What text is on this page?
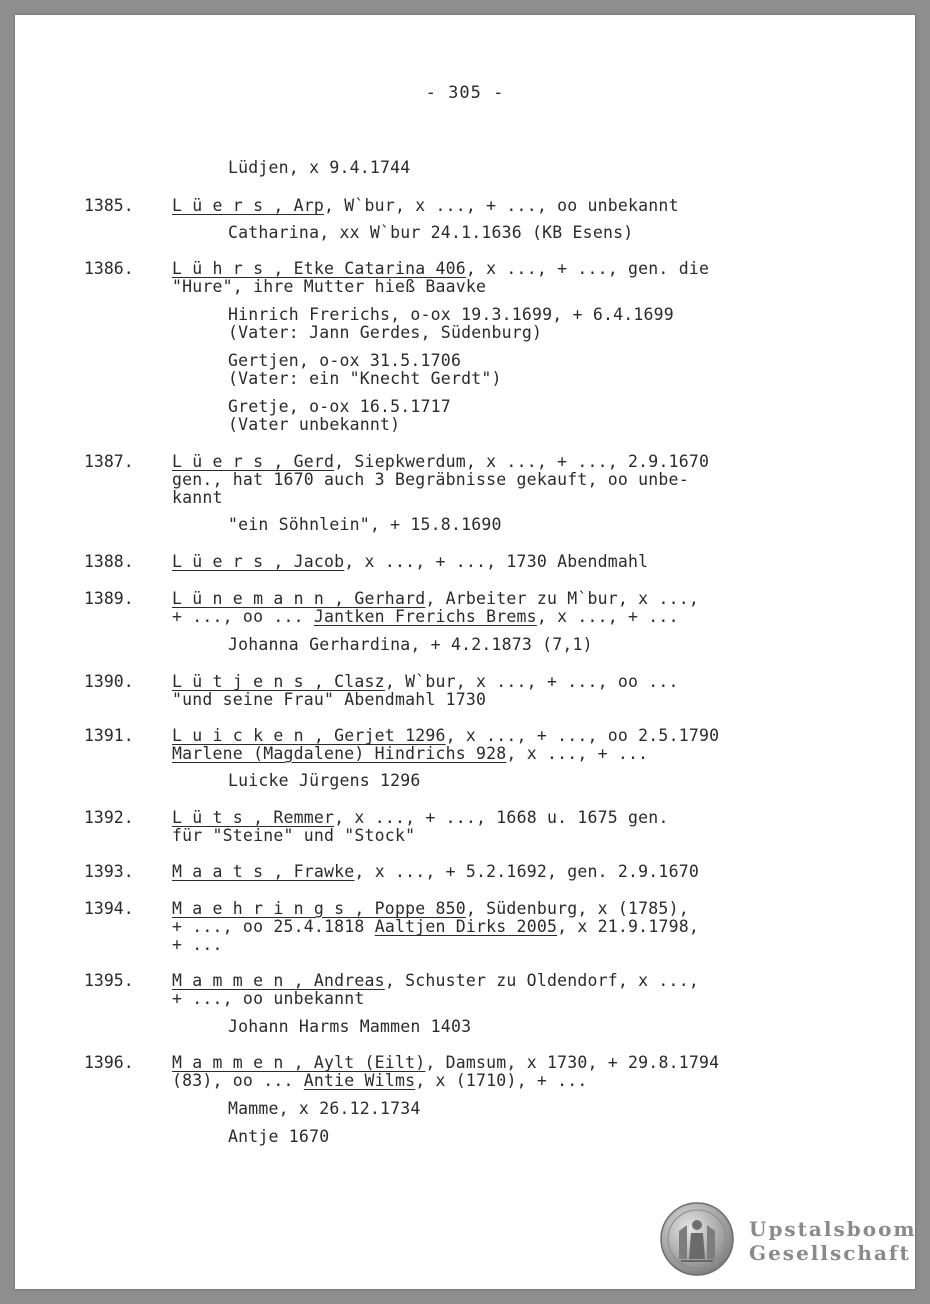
- 305 -
Lüdjen, x 9.4.1744
1385. L ü e r s , Arp, W`bur, x ..., + ..., oo unbekannt
Catharina, xx W`bur 24.1.1636 (KB Esens)
1386. L ü h r s , Etke Catarina 406, x ..., + ..., gen. die
"Hure", ihre Mutter hieß Baavke
Hinrich Frerichs, o-ox 19.3.1699, + 6.4.1699
(Vater: Jann Gerdes, Südenburg)
Gertjen, o-ox 31.5.1706
(Vater: ein "Knecht Gerdt")
Gretje, o-ox 16.5.1717
(Vater unbekannt)
1387. L ü e r s , Gerd, Siepkwerdum, x ..., + ..., 2.9.1670
gen., hat 1670 auch 3 Begräbnisse gekauft, oo unbe-
kannt
"ein Söhnlein", + 15.8.1690
1388. L ü e r s , Jacob, x ..., + ..., 1730 Abendmahl
1389. L ü n e m a n n , Gerhard, Arbeiter zu M`bur, x ...,
+ ..., oo ... Jantken Frerichs Brems, x ..., + ...
Johanna Gerhardina, + 4.2.1873 (7,1)
1390. L ü t j e n s , Clasz, W`bur, x ..., + ..., oo ...
"und seine Frau" Abendmahl 1730
1391. L u i c k e n , Gerjet 1296, x ..., + ..., oo 2.5.1790
Marlene (Magdalene) Hindrichs 928, x ..., + ...
Luicke Jürgens 1296
1392. L ü t s , Remmer, x ..., + ..., 1668 u. 1675 gen.
für "Steine" und "Stock"
1393. M a a t s , Frawke, x ..., + 5.2.1692, gen. 2.9.1670
1394. M a e h r i n g s , Poppe 850, Südenburg, x (1785),
+ ..., oo 25.4.1818 Aaltjen Dirks 2005, x 21.9.1798,
+ ...
1395. M a m m e n , Andreas, Schuster zu Oldendorf, x ...,
+ ..., oo unbekannt
Johann Harms Mammen 1403
1396. M a m m e n , Aylt (Eilt), Damsum, x 1730, + 29.8.1794
(83), oo ... Antie Wilms, x (1710), + ...
Mamme, x 26.12.1734
Antje 1670
Upstalsboom
Gesellschaft
